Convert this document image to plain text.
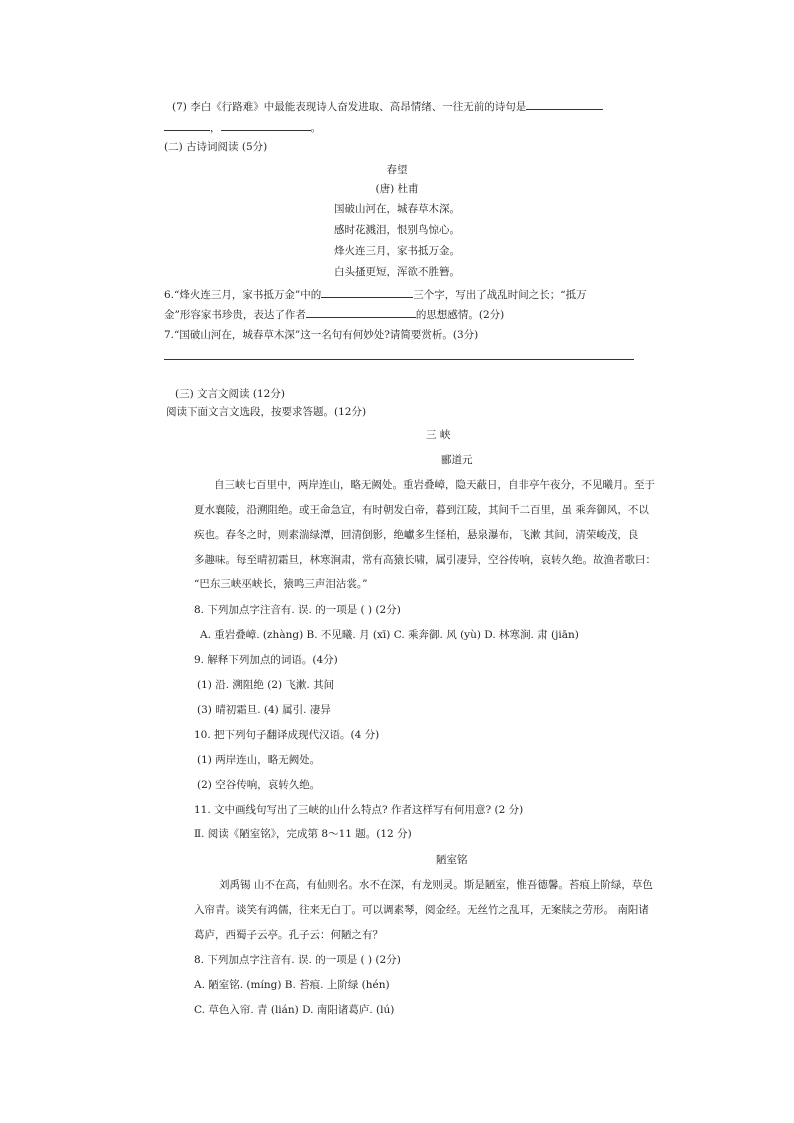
(7) 李白《行路难》中最能表现诗人奋发进取、高昂情绪、一往无前的诗句是
，	。
(二) 古诗词阅读 (5分)
春望
(唐) 杜甫
国破山河在，城春草木深。
感时花溅泪，恨别鸟惊心。
烽火连三月，家书抵万金。
白头搔更短，浑欲不胜簪。
6.“烽火连三月，家书抵万金”中的	三个字，写出了战乱时间之长；“抵万
金”形容家书珍贵，表达了作者	的思想感情。(2分)
7.“国破山河在，城春草木深”这一名句有何妙处?请简要赏析。(3分)
(三) 文言文阅读 (12分)
阅读下面文言文选段，按要求答题。(12分)
三 峡
郦道元
自三峡七百里中，两岸连山，略无阙处。重岩叠嶂，隐天蔽日，自非亭午夜分，不见曦月。至于
夏水襄陵，沿溯阻绝。或王命急宣，有时朝发白帝，暮到江陵，其间千二百里，虽 乘奔御风，不以
疾也。春冬之时，则素湍绿潭，回清倒影，绝巘多生怪柏，悬泉瀑布，飞漱 其间，清荣峻茂，良
多趣味。每至晴初霜旦，林寒涧肃，常有高猿长啸，属引凄异，空谷传响，哀转久绝。故渔者歌曰：
“巴东三峡巫峡长，猿鸣三声泪沾裳。”
8. 下列加点字注音有. 误. 的一项是 ( ) (2分)
A. 重岩叠嶂. (zhàng) B. 不见曦. 月 (xī) C. 乘奔御. 风 (yù) D. 林寒涧. 肃 (jiān)
9. 解释下列加点的词语。(4分)
(1) 沿. 溯阻绝 (2) 飞漱. 其间
(3) 晴初霜旦. (4) 属引. 凄异
10. 把下列句子翻译成现代汉语。(4 分)
(1) 两岸连山，略无阙处。
(2) 空谷传响，哀转久绝。
11. 文中画线句写出了三峡的山什么特点? 作者这样写有何用意? (2 分)
Ⅱ. 阅读《陋室铭》，完成第 8～11 题。(12 分)
陋室铭
刘禹锡 山不在高，有仙则名。水不在深，有龙则灵。斯是陋室，惟吾德馨。苔痕上阶绿，草色
入帘青。谈笑有鸿儒，往来无白丁。可以调素琴，阅金经。无丝竹之乱耳，无案牍之劳形。 南阳诸
葛庐，西蜀子云亭。孔子云：何陋之有？
8. 下列加点字注音有. 误. 的一项是 ( ) (2分)
A. 陋室铭. (míng) B. 苔痕. 上阶绿 (hén)
C. 草色入帘. 青 (lián) D. 南阳诸葛庐. (lú)
